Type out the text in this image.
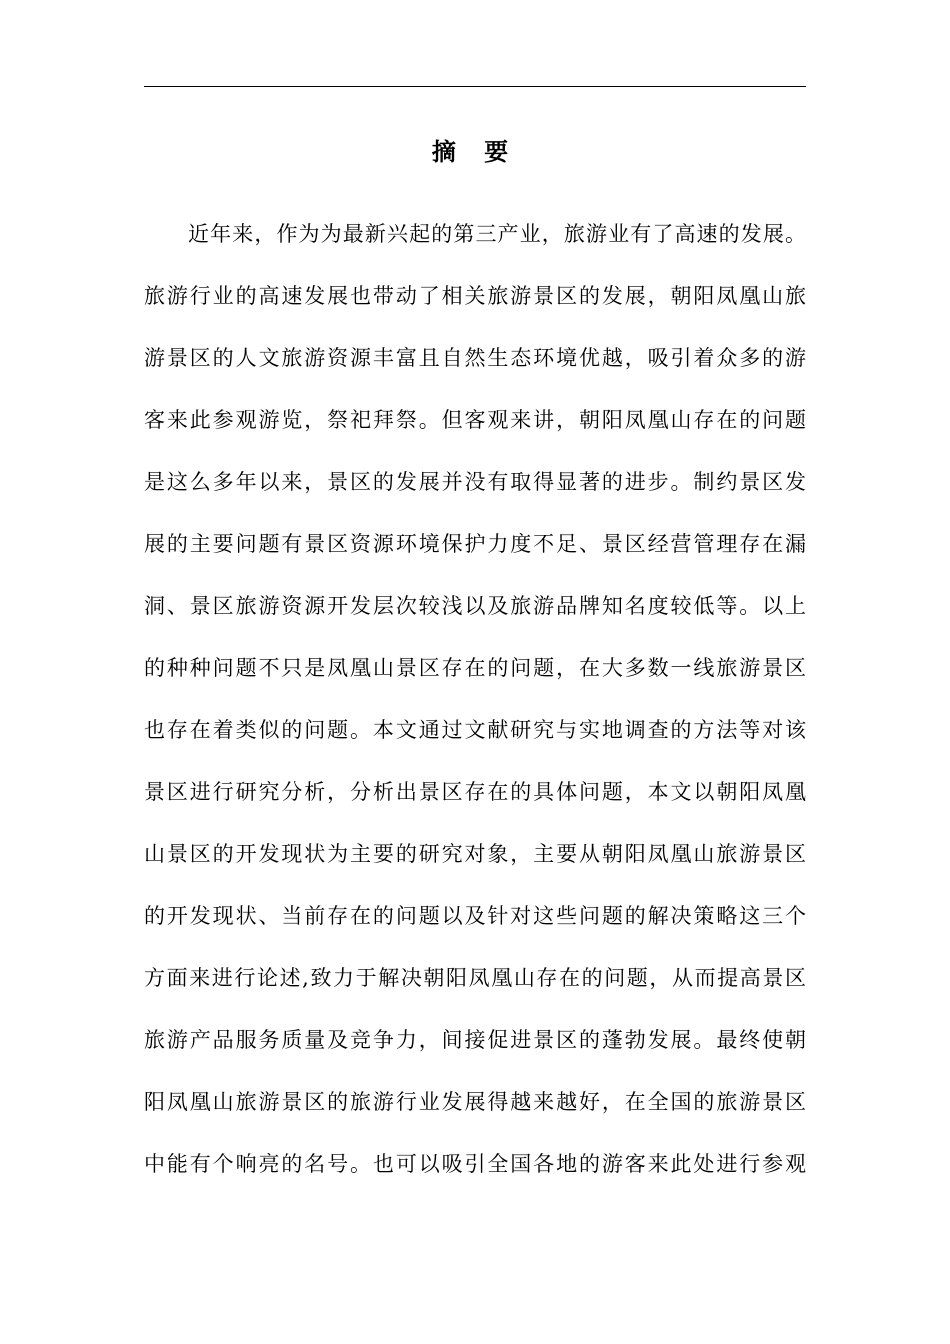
摘 要
近年来，作为为最新兴起的第三产业，旅游业有了高速的发展。
旅游行业的高速发展也带动了相关旅游景区的发展，朝阳凤凰山旅
游景区的人文旅游资源丰富且自然生态环境优越，吸引着众多的游
客来此参观游览，祭祀拜祭。但客观来讲，朝阳凤凰山存在的问题
是这么多年以来，景区的发展并没有取得显著的进步。制约景区发
展的主要问题有景区资源环境保护力度不足、景区经营管理存在漏
洞、景区旅游资源开发层次较浅以及旅游品牌知名度较低等。以上
的种种问题不只是凤凰山景区存在的问题，在大多数一线旅游景区
也存在着类似的问题。本文通过文献研究与实地调查的方法等对该
景区进行研究分析，分析出景区存在的具体问题，本文以朝阳凤凰
山景区的开发现状为主要的研究对象，主要从朝阳凤凰山旅游景区
的开发现状、当前存在的问题以及针对这些问题的解决策略这三个
方面来进行论述,致力于解决朝阳凤凰山存在的问题，从而提高景区
旅游产品服务质量及竞争力，间接促进景区的蓬勃发展。最终使朝
阳凤凰山旅游景区的旅游行业发展得越来越好，在全国的旅游景区
中能有个响亮的名号。也可以吸引全国各地的游客来此处进行参观
